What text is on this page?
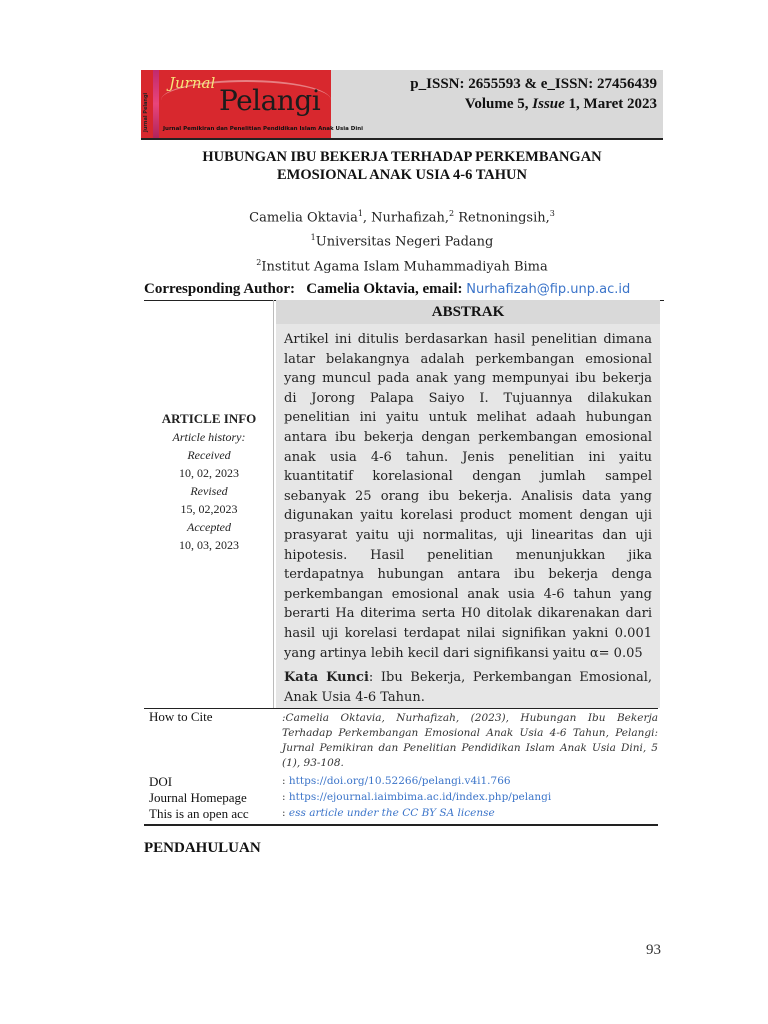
Jurnal Pelangi
Jurnal
Pelangi
Jurnal Pemikiran dan Penelitian Pendidikan Islam Anak Usia Dini
p_ISSN: 2655593 & e_ISSN: 27456439
Volume 5, Issue 1, Maret 2023
HUBUNGAN IBU BEKERJA TERHADAP PERKEMBANGAN
EMOSIONAL ANAK USIA 4-6 TAHUN
Camelia Oktavia$^1$, Nurhafizah,$^2$ Retnoningsih,$^3$
$^1$Universitas Negeri Padang
$^2$Institut Agama Islam Muhammadiyah Bima
Corresponding Author: Camelia Oktavia, email: Nurhafizah@fip.unp.ac.id
ARTICLE INFO
Article history:
Received
10, 02, 2023
Revised
15, 02,2023
Accepted
10, 03, 2023
ABSTRAK
Artikel ini ditulis berdasarkan hasil penelitian dimana latar belakangnya adalah perkembangan emosional yang muncul pada anak yang mempunyai ibu bekerja di Jorong Palapa Saiyo I. Tujuannya dilakukan penelitian ini yaitu untuk melihat adaah hubungan antara ibu bekerja dengan perkembangan emosional anak usia 4-6 tahun. Jenis penelitian ini yaitu kuantitatif korelasional dengan jumlah sampel sebanyak 25 orang ibu bekerja. Analisis data yang digunakan yaitu korelasi product moment dengan uji prasyarat yaitu uji normalitas, uji linearitas dan uji hipotesis. Hasil penelitian menunjukkan jika terdapatnya hubungan antara ibu bekerja denga perkembangan emosional anak usia 4-6 tahun yang berarti Ha diterima serta H0 ditolak dikarenakan dari hasil uji korelasi terdapat nilai signifikan yakni 0.001 yang artinya lebih kecil dari signifikansi yaitu α= 0.05
Kata Kunci: Ibu Bekerja, Perkembangan Emosional, Anak Usia 4-6 Tahun.
How to Cite	:Camelia Oktavia, Nurhafizah, (2023), Hubungan Ibu Bekerja Terhadap Perkembangan Emosional Anak Usia 4-6 Tahun, Pelangi: Jurnal Pemikiran dan Penelitian Pendidikan Islam Anak Usia Dini, 5 (1), 93-108.
DOI	: https://doi.org/10.52266/pelangi.v4i1.766
Journal Homepage	: https://ejournal.iaimbima.ac.id/index.php/pelangi
This is an open acc	: ess article under the CC BY SA license
PENDAHULUAN
93
